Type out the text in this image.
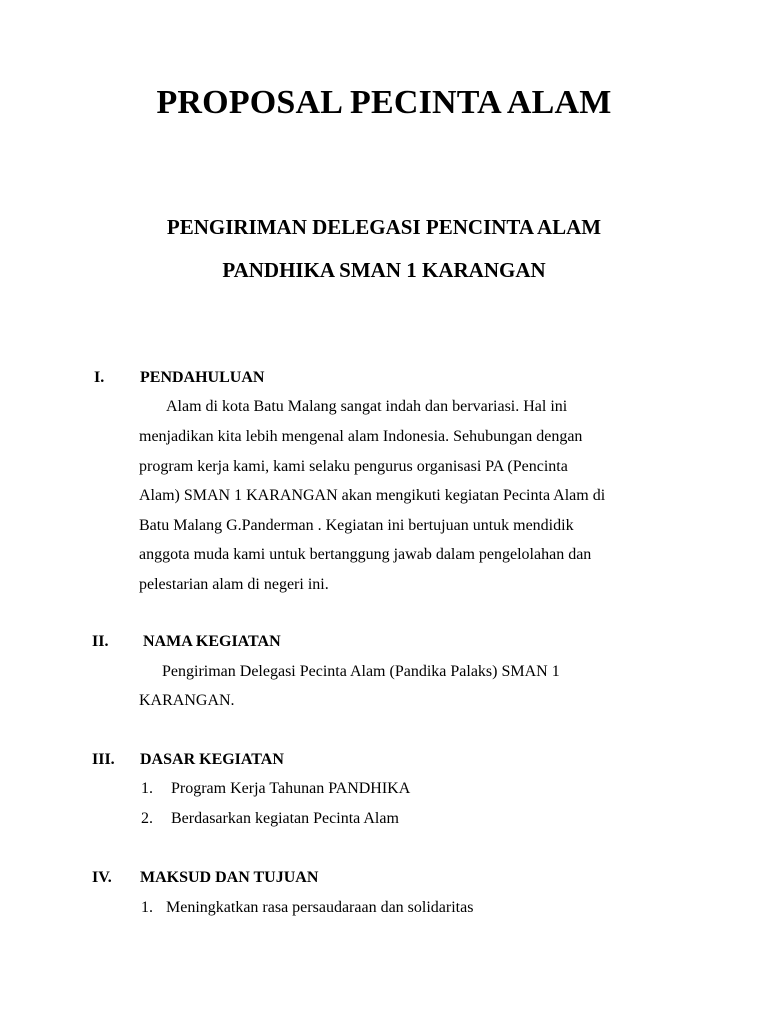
PROPOSAL PECINTA ALAM
PENGIRIMAN DELEGASI PENCINTA ALAM
PANDHIKA SMAN 1 KARANGAN
I. PENDAHULUAN
Alam di kota Batu Malang sangat indah dan bervariasi. Hal ini
menjadikan kita lebih mengenal alam Indonesia. Sehubungan dengan
program kerja kami, kami selaku pengurus organisasi PA (Pencinta
Alam) SMAN 1 KARANGAN akan mengikuti kegiatan Pecinta Alam di
Batu Malang G.Panderman . Kegiatan ini bertujuan untuk mendidik
anggota muda kami untuk bertanggung jawab dalam pengelolahan dan
pelestarian alam di negeri ini.
II. NAMA KEGIATAN
Pengiriman Delegasi Pecinta Alam (Pandika Palaks) SMAN 1
KARANGAN.
III. DASAR KEGIATAN
1. Program Kerja Tahunan PANDHIKA
2. Berdasarkan kegiatan Pecinta Alam
IV. MAKSUD DAN TUJUAN
1. Meningkatkan rasa persaudaraan dan solidaritas
